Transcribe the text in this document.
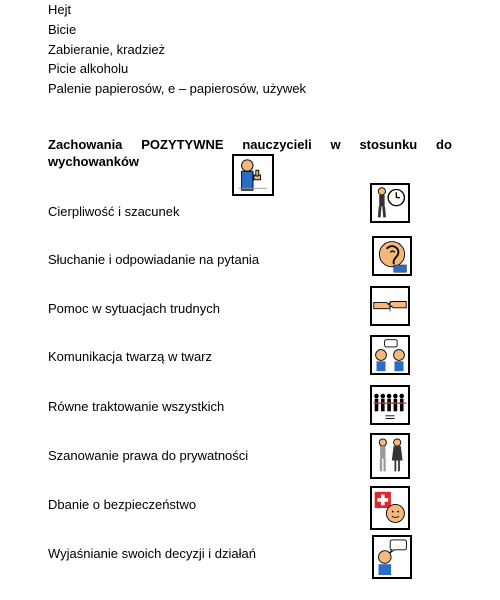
Hejt
Bicie
Zabieranie, kradzież
Picie alkoholu
Palenie papierosów, e – papierosów, używek
Zachowania POZYTYWNE nauczycieli w stosunku do
wychowanków
Cierpliwość i szacunek
Słuchanie i odpowiadanie na pytania
Pomoc w sytuacjach trudnych
Komunikacja twarzą w twarz
Równe traktowanie wszystkich
Szanowanie prawa do prywatności
Dbanie o bezpieczeństwo
Wyjaśnianie swoich decyzji i działań
